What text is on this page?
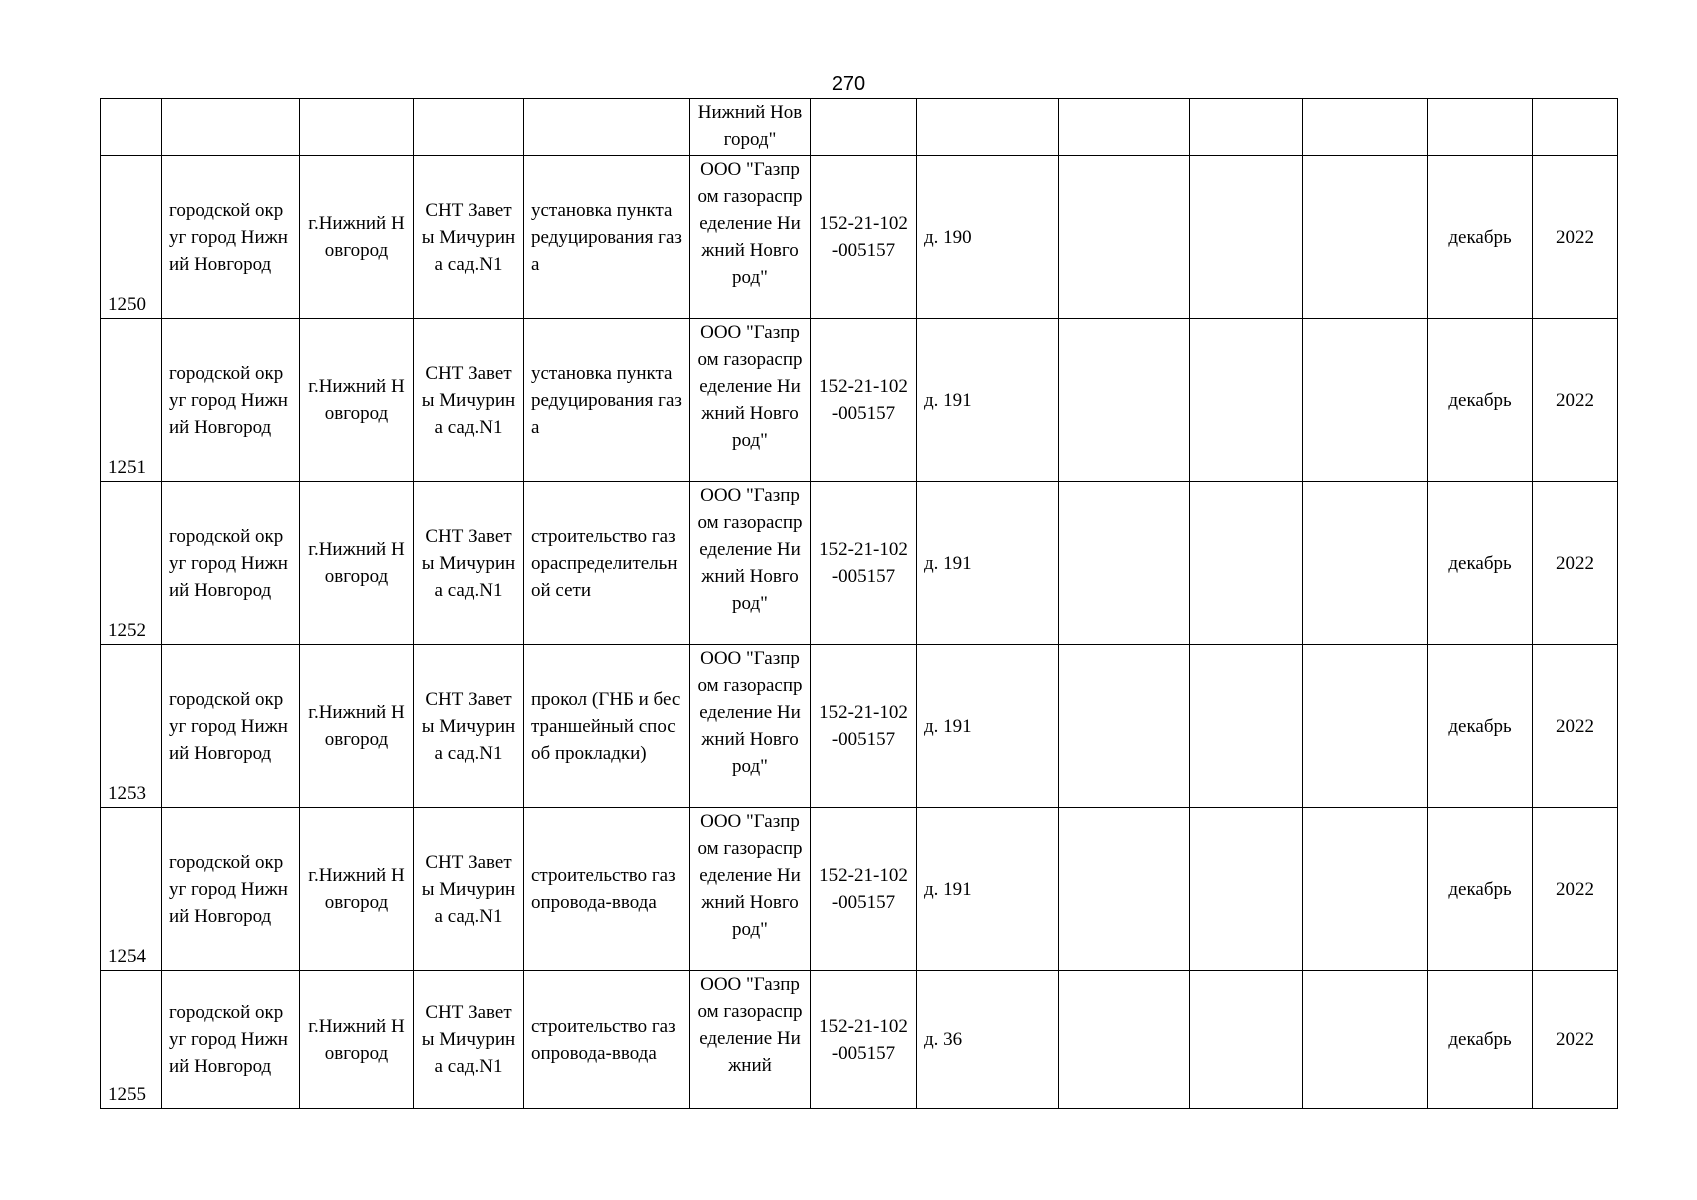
270
					Нижний Новгород"							
1250	городской округ город Нижний Новгород	г.Нижний Новгород	СНТ Заветы Мичурина сад.N1	установка пункта редуцирования газа	ООО "Газпром газораспределение Нижний Новгород"	152-21-102-005157	д. 190				декабрь	2022
1251	городской округ город Нижний Новгород	г.Нижний Новгород	СНТ Заветы Мичурина сад.N1	установка пункта редуцирования газа	ООО "Газпром газораспределение Нижний Новгород"	152-21-102-005157	д. 191				декабрь	2022
1252	городской округ город Нижний Новгород	г.Нижний Новгород	СНТ Заветы Мичурина сад.N1	строительство газораспределительной сети	ООО "Газпром газораспределение Нижний Новгород"	152-21-102-005157	д. 191				декабрь	2022
1253	городской округ город Нижний Новгород	г.Нижний Новгород	СНТ Заветы Мичурина сад.N1	прокол (ГНБ и бестраншейный способ прокладки)	ООО "Газпром газораспределение Нижний Новгород"	152-21-102-005157	д. 191				декабрь	2022
1254	городской округ город Нижний Новгород	г.Нижний Новгород	СНТ Заветы Мичурина сад.N1	строительство газопровода-ввода	ООО "Газпром газораспределение Нижний Новгород"	152-21-102-005157	д. 191				декабрь	2022
1255	городской округ город Нижний Новгород	г.Нижний Новгород	СНТ Заветы Мичурина сад.N1	строительство газопровода-ввода	ООО "Газпром газораспределение Нижний	152-21-102-005157	д. 36				декабрь	2022
